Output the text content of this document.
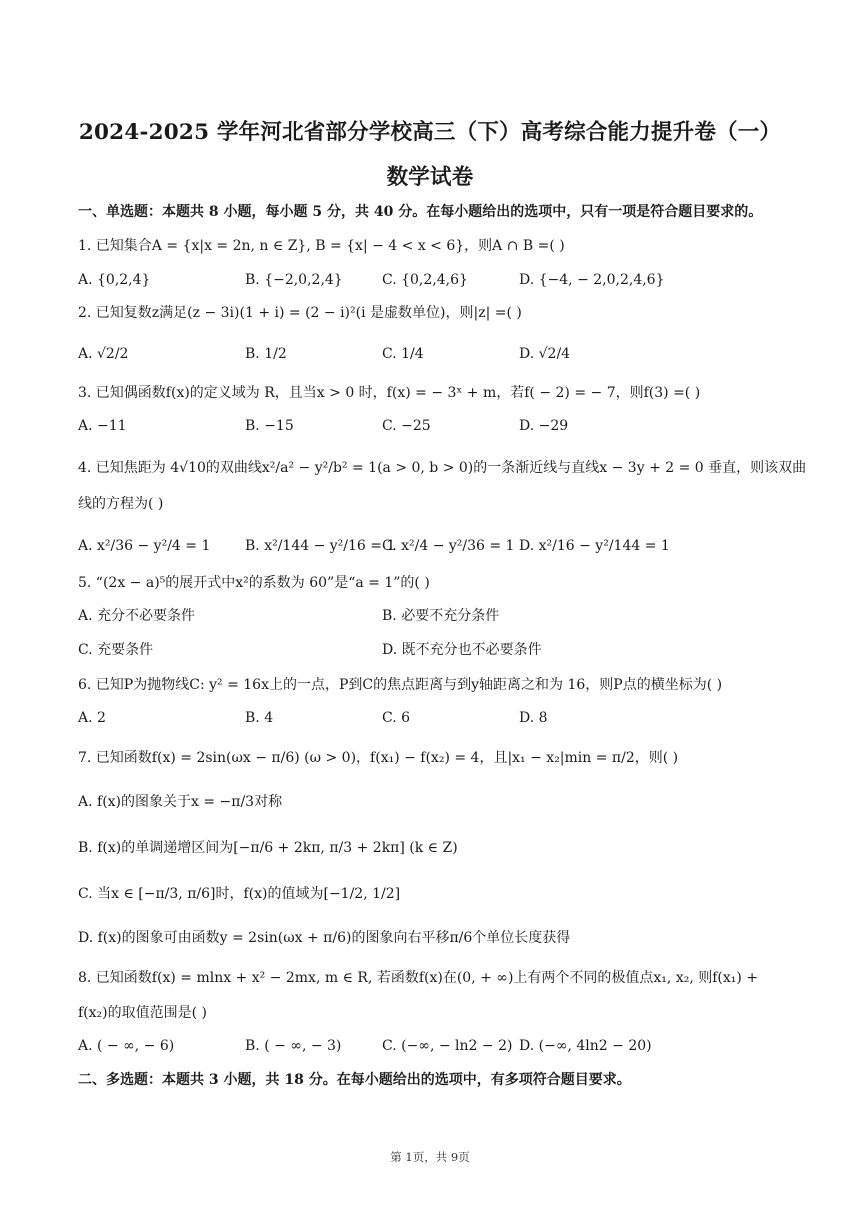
2024-2025 学年河北省部分学校高三（下）高考综合能力提升卷（一）
数学试卷
一、单选题：本题共 8 小题，每小题 5 分，共 40 分。在每小题给出的选项中，只有一项是符合题目要求的。
1. 已知集合A = {x|x = 2n, n ∈ Z}, B = {x| − 4 < x < 6}，则A ∩ B =( )
A. {0,2,4}	B. {−2,0,2,4}	C. {0,2,4,6}	D. {−4, − 2,0,2,4,6}
2. 已知复数z满足(z − 3i)(1 + i) = (2 − i)²(i 是虚数单位)，则|z| =( )
A. √2/2	B. 1/2	C. 1/4	D. √2/4
3. 已知偶函数f(x)的定义域为 R，且当x > 0 时，f(x) = − 3ˣ + m，若f( − 2) = − 7，则f(3) =( )
A. −11	B. −15	C. −25	D. −29
4. 已知焦距为 4√10的双曲线x²/a² − y²/b² = 1(a > 0, b > 0)的一条渐近线与直线x − 3y + 2 = 0 垂直，则该双曲
线的方程为( )
A. x²/36 − y²/4 = 1 B. x²/144 − y²/16 = 1
C. x²/4 − y²/36 = 1 D. x²/16 − y²/144 = 1
5. “(2x − a)⁵的展开式中x²的系数为 60”是“a = 1”的( )
A. 充分不必要条件	B. 必要不充分条件
C. 充要条件	D. 既不充分也不必要条件
6. 已知P为抛物线C: y² = 16x上的一点，P到C的焦点距离与到y轴距离之和为 16，则P点的横坐标为( )
A. 2	B. 4	C. 6	D. 8
7. 已知函数f(x) = 2sin(ωx − π/6) (ω > 0)，f(x₁) − f(x₂) = 4，且|x₁ − x₂|min = π/2，则( )
A. f(x)的图象关于x = −π/3对称
B. f(x)的单调递增区间为[−π/6 + 2kπ, π/3 + 2kπ] (k ∈ Z)
C. 当x ∈ [−π/3, π/6]时，f(x)的值域为[−1/2, 1/2]
D. f(x)的图象可由函数y = 2sin(ωx + π/6)的图象向右平移π/6个单位长度获得
8. 已知函数f(x) = mlnx + x² − 2mx, m ∈ R, 若函数f(x)在(0, + ∞)上有两个不同的极值点x₁, x₂, 则f(x₁) +
f(x₂)的取值范围是( )
A. ( − ∞, − 6)	B. ( − ∞, − 3)	C. (−∞, − ln2 − 2) D. (−∞, 4ln2 − 20)
二、多选题：本题共 3 小题，共 18 分。在每小题给出的选项中，有多项符合题目要求。
第 1页，共 9页
